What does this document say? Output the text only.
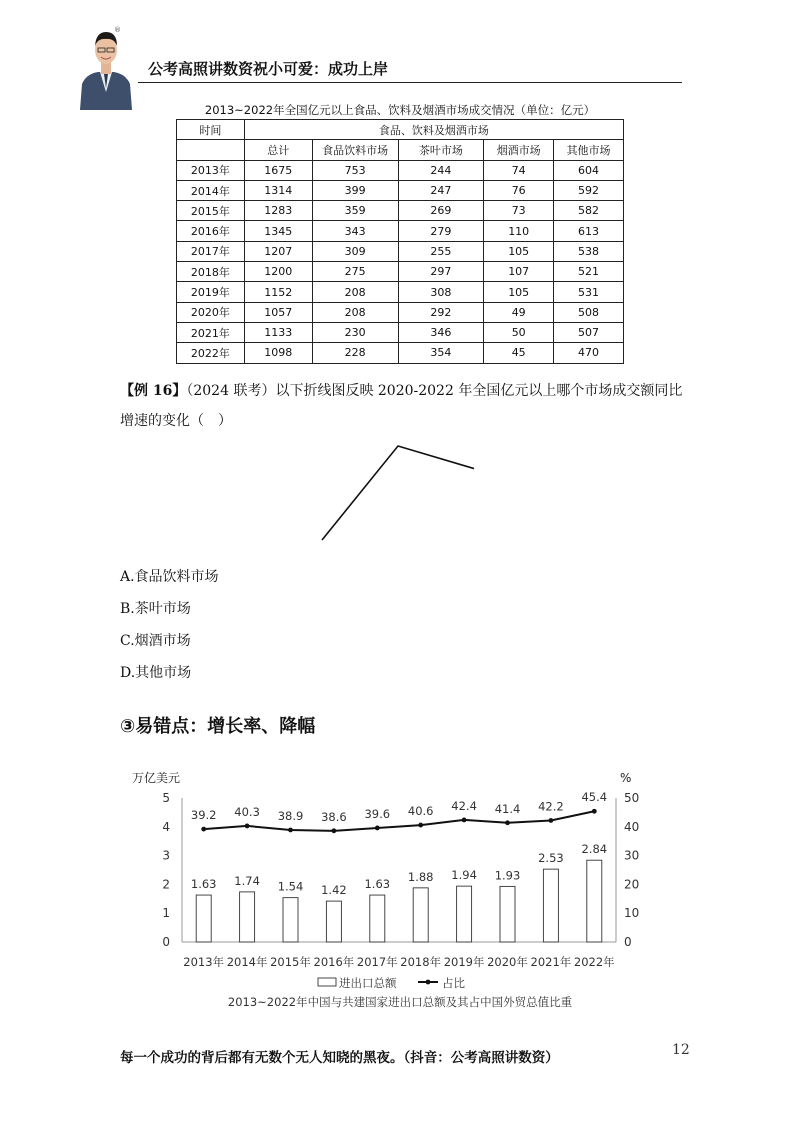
®
公考高照讲数资祝小可爱：成功上岸
2013~2022年全国亿元以上食品、饮料及烟酒市场成交情况（单位：亿元）
时间	食品、饮料及烟酒市场				
	总计	食品饮料市场	茶叶市场	烟酒市场	其他市场
2013年	1675	753	244	74	604
2014年	1314	399	247	76	592
2015年	1283	359	269	73	582
2016年	1345	343	279	110	613
2017年	1207	309	255	105	538
2018年	1200	275	297	107	521
2019年	1152	208	308	105	531
2020年	1057	208	292	49	508
2021年	1133	230	346	50	507
2022年	1098	228	354	45	470
【例 16】（2024 联考）以下折线图反映 2020-2022 年全国亿元以上哪个市场成交额同比增速的变化（　）
A.食品饮料市场
B.茶叶市场
C.烟酒市场
D.其他市场
③易错点：增长率、降幅
万亿美元	%
0
1
2
3
4
5
0
10
20
30
40
50
1.63
2013年
1.74
2014年
1.54
2015年
1.42
2016年
1.63
2017年
1.88
2018年
1.94
2019年
1.93
2020年
2.53
2021年
2.84
2022年
39.2 40.3 38.9 38.6 39.6 40.6 42.4 41.4 42.2
45.4
进出口总额	占比
2013~2022年中国与共建国家进出口总额及其占中国外贸总值比重
每一个成功的背后都有无数个无人知晓的黑夜。（抖音：公考高照讲数资）	12
